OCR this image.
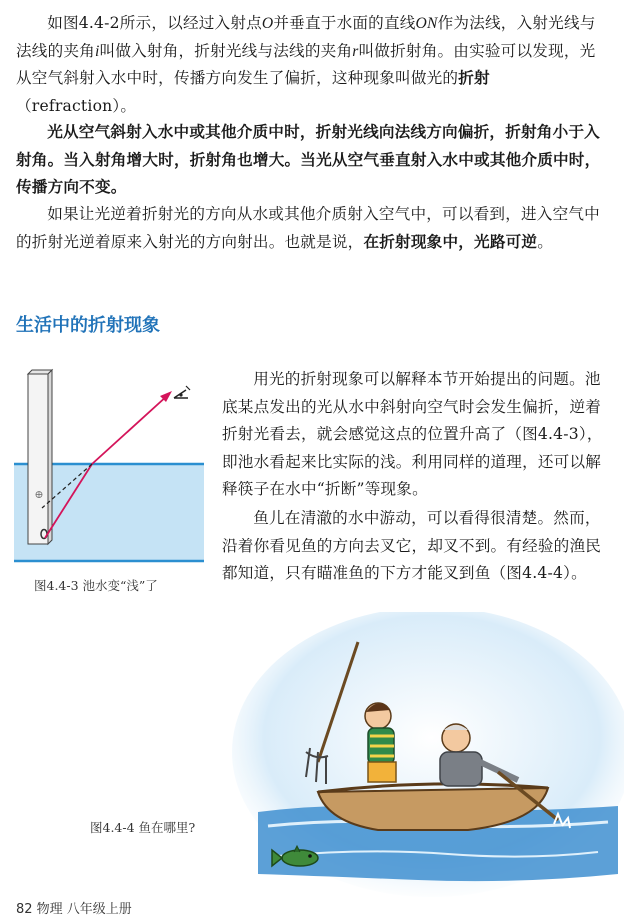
如图4.4-2所示，以经过入射点O并垂直于水面的直线ON作为法线，入射光线与法线的夹角i叫做入射角，折射光线与法线的夹角r叫做折射角。由实验可以发现，光从空气斜射入水中时，传播方向发生了偏折，这种现象叫做光的折射（refraction）。

光从空气斜射入水中或其他介质中时，折射光线向法线方向偏折，折射角小于入射角。当入射角增大时，折射角也增大。当光从空气垂直射入水中或其他介质中时，传播方向不变。

如果让光逆着折射光的方向从水或其他介质射入空气中，可以看到，进入空气中的折射光逆着原来入射光的方向射出。也就是说，在折射现象中，光路可逆。

生活中的折射现象
⊕
图4.4-3 池水变“浅”了

用光的折射现象可以解释本节开始提出的问题。池底某点发出的光从水中斜射向空气时会发生偏折，逆着折射光看去，就会感觉这点的位置升高了（图4.4-3），即池水看起来比实际的浅。利用同样的道理，还可以解释筷子在水中“折断”等现象。

鱼儿在清澈的水中游动，可以看得很清楚。然而，沿着你看见鱼的方向去叉它，却叉不到。有经验的渔民都知道，只有瞄准鱼的下方才能叉到鱼（图4.4-4）。

图4.4-4 鱼在哪里?
82 物理 八年级上册
